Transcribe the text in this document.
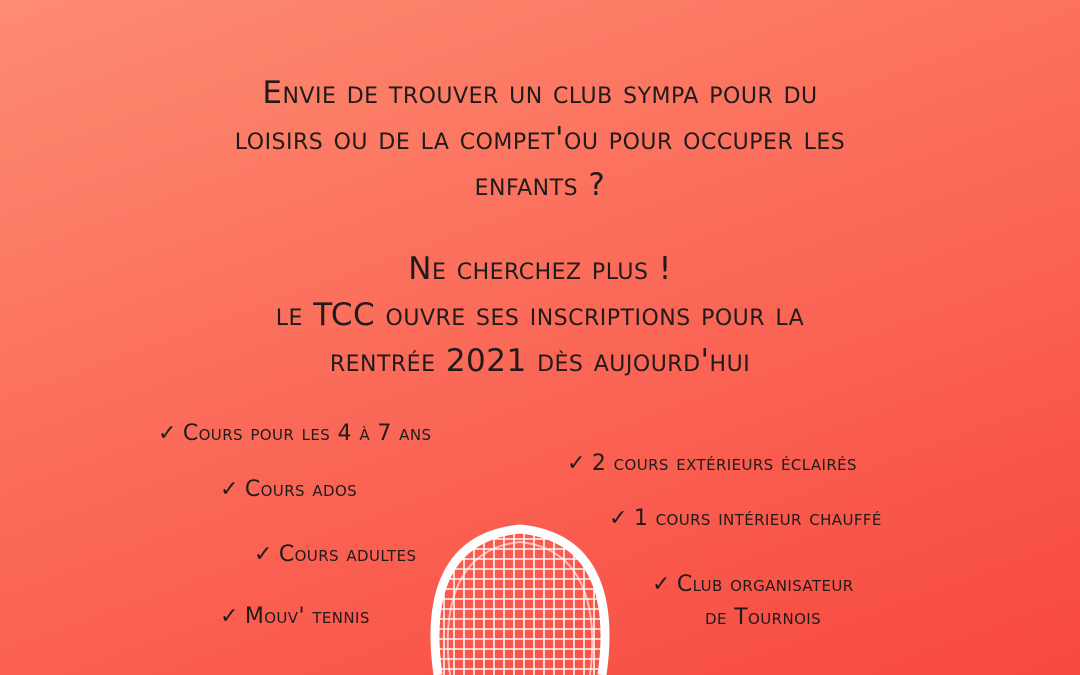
Envie de trouver un club sympa pour du
loisirs ou de la compet'ou pour occuper les
enfants ?
Ne cherchez plus !
le TCC ouvre ses inscriptions pour la
rentrée 2021 dès aujourd'hui
✓ Cours pour les 4 à 7 ans
✓ Cours ados
✓ Cours adultes
✓ Mouv' tennis
✓ 2 cours extérieurs éclairés
✓ 1 cours intérieur chauffé
✓ Club organisateur
de Tournois
